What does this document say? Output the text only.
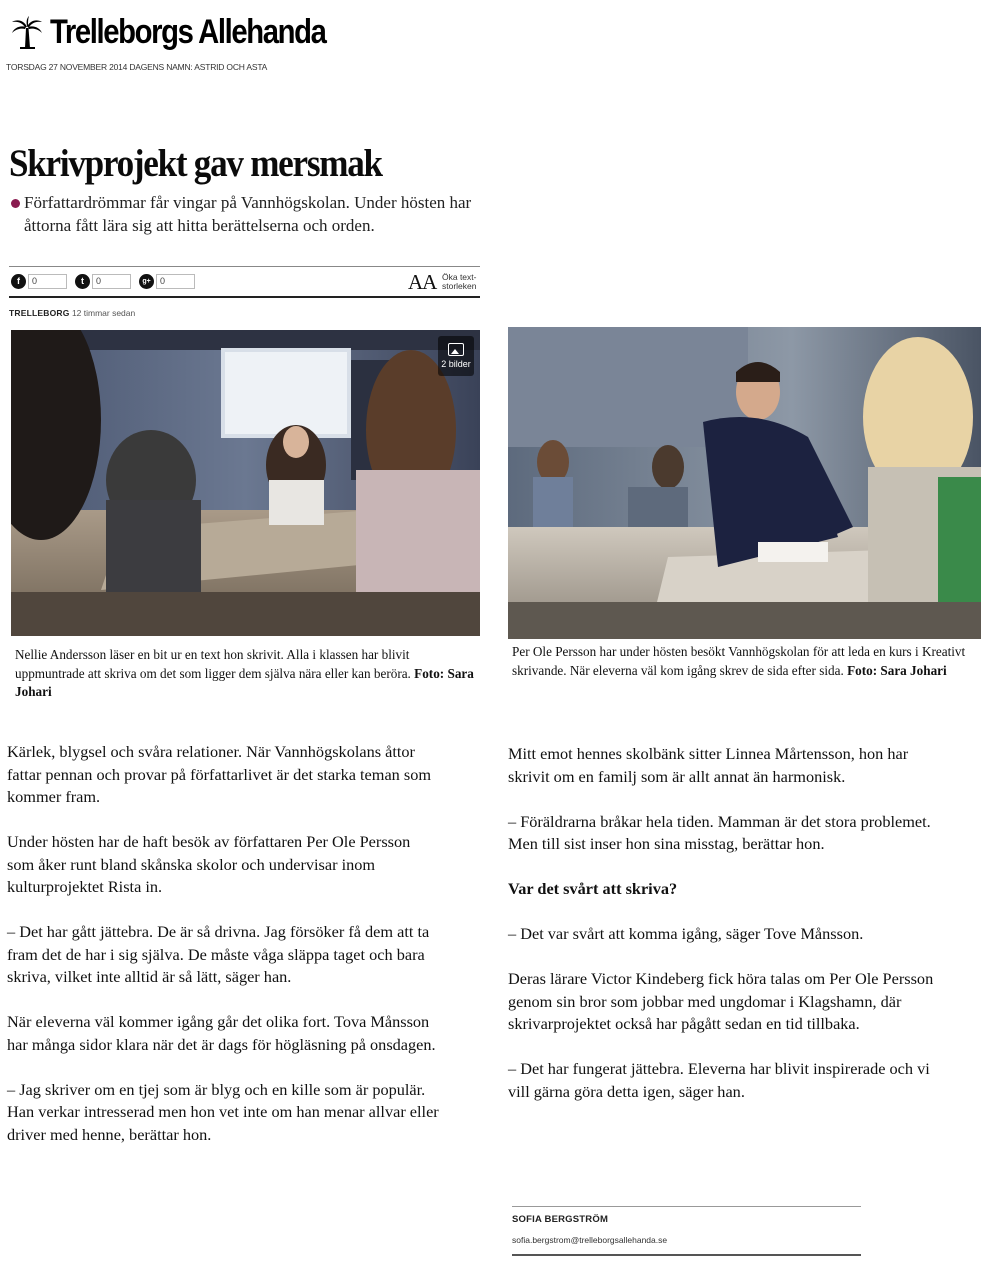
Trelleborgs Allehanda
TORSDAG 27 NOVEMBER 2014 DAGENS NAMN: ASTRID OCH ASTA
Skrivprojekt gav mersmak
Författardrömmar får vingar på Vannhögskolan. Under hösten har åttorna fått lära sig att hitta berättelserna och orden.
f	0	t	0	g+	0	AA Öka text-storleken
TRELLEBORG 12 timmar sedan
2 bilder
Nellie Andersson läser en bit ur en text hon skrivit. Alla i klassen har blivit uppmuntrade att skriva om det som ligger dem själva nära eller kan beröra. Foto: Sara Johari
Per Ole Persson har under hösten besökt Vannhögskolan för att leda en kurs i Kreativt skrivande. När eleverna väl kom igång skrev de sida efter sida. Foto: Sara Johari

Kärlek, blygsel och svåra relationer. När Vannhögskolans åttor fattar pennan och provar på författarlivet är det starka teman som kommer fram.

Under hösten har de haft besök av författaren Per Ole Persson som åker runt bland skånska skolor och undervisar inom kulturprojektet Rista in.

– Det har gått jättebra. De är så drivna. Jag försöker få dem att ta fram det de har i sig själva. De måste våga släppa taget och bara skriva, vilket inte alltid är så lätt, säger han.

När eleverna väl kommer igång går det olika fort. Tova Månsson har många sidor klara när det är dags för högläsning på onsdagen.

– Jag skriver om en tjej som är blyg och en kille som är populär. Han verkar intresserad men hon vet inte om han menar allvar eller driver med henne, berättar hon.

Mitt emot hennes skolbänk sitter Linnea Mårtensson, hon har skrivit om en familj som är allt annat än harmonisk.

– Föräldrarna bråkar hela tiden. Mamman är det stora problemet. Men till sist inser hon sina misstag, berättar hon.

Var det svårt att skriva?

– Det var svårt att komma igång, säger Tove Månsson.

Deras lärare Victor Kindeberg fick höra talas om Per Ole Persson genom sin bror som jobbar med ungdomar i Klagshamn, där skrivarprojektet också har pågått sedan en tid tillbaka.

– Det har fungerat jättebra. Eleverna har blivit inspirerade och vi vill gärna göra detta igen, säger han.

SOFIA BERGSTRÖM
sofia.bergstrom@trelleborgsallehanda.se
